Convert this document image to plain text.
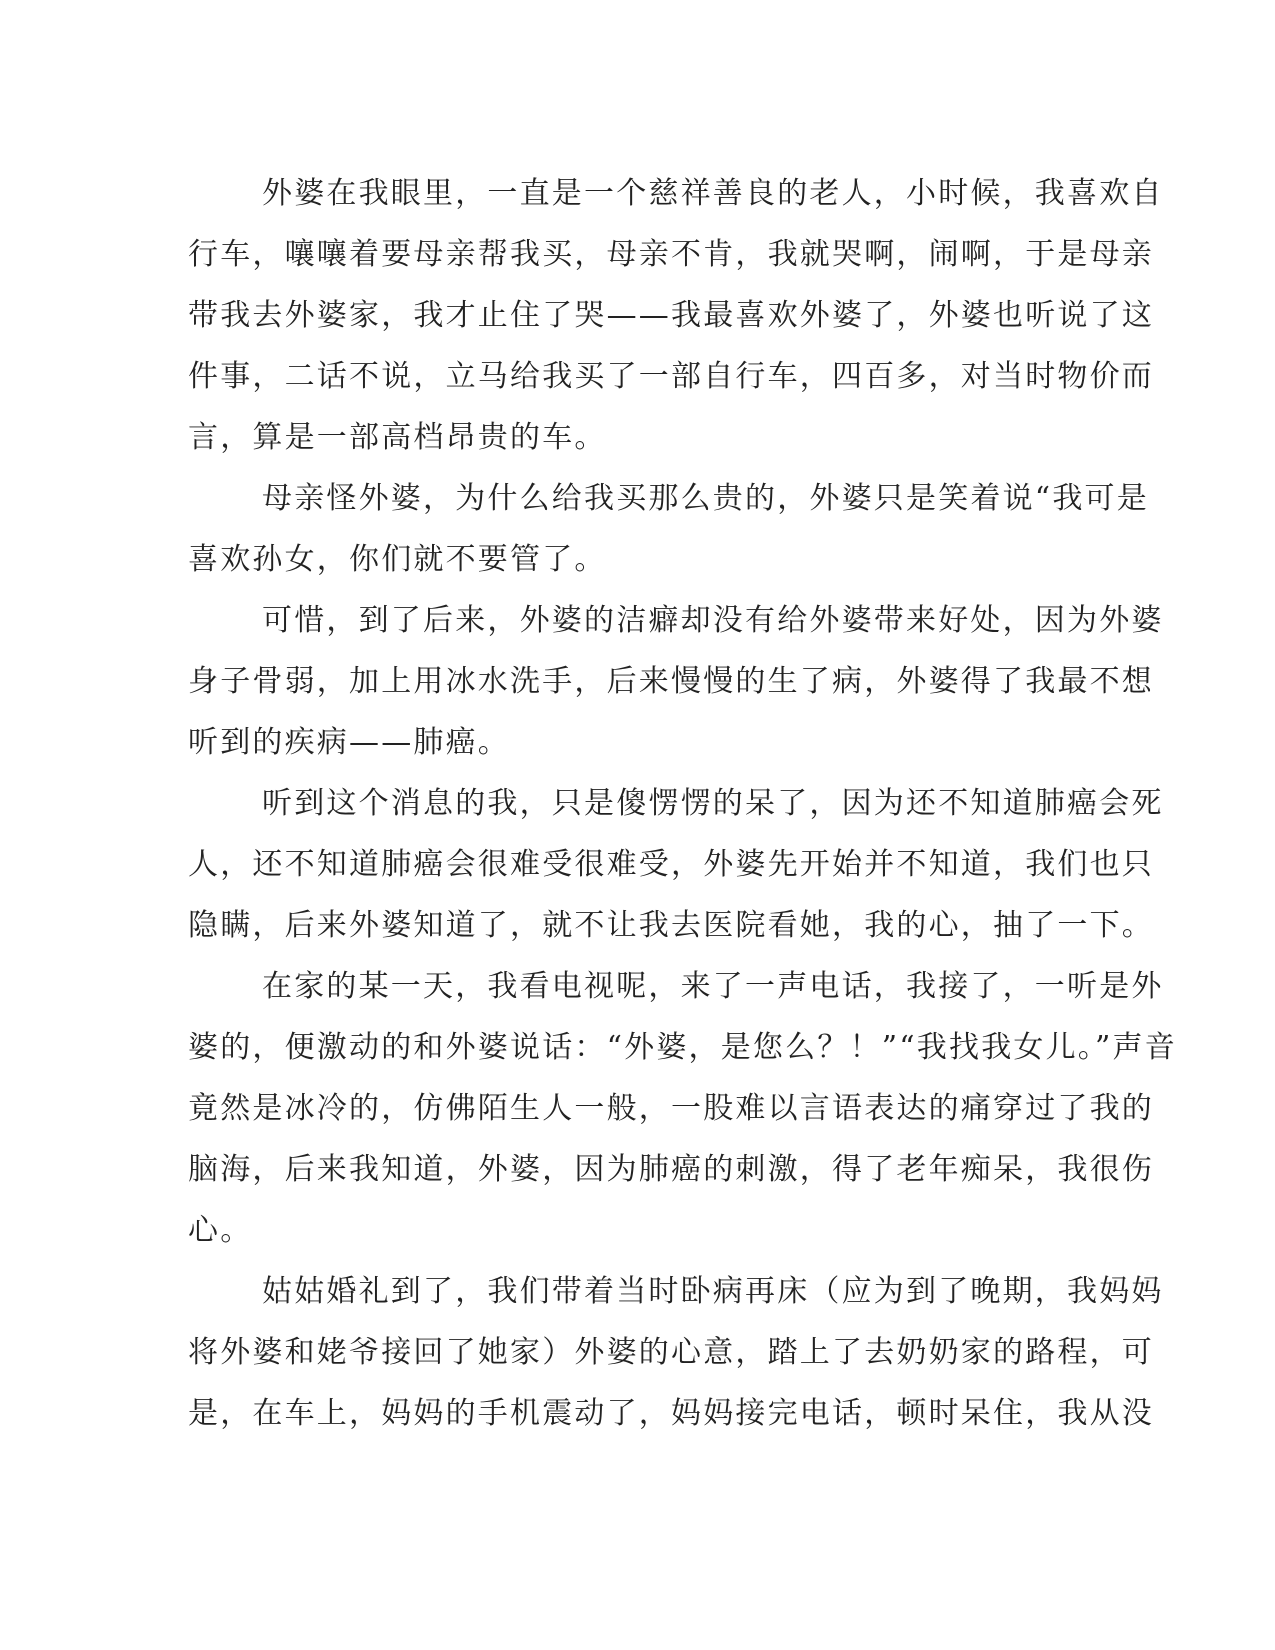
外婆在我眼里，一直是一个慈祥善良的老人，小时候，我喜欢自
行车，嚷嚷着要母亲帮我买，母亲不肯，我就哭啊，闹啊，于是母亲
带我去外婆家，我才止住了哭——我最喜欢外婆了，外婆也听说了这
件事，二话不说，立马给我买了一部自行车，四百多，对当时物价而
言，算是一部高档昂贵的车。
母亲怪外婆，为什么给我买那么贵的，外婆只是笑着说“我可是
喜欢孙女，你们就不要管了。
可惜，到了后来，外婆的洁癖却没有给外婆带来好处，因为外婆
身子骨弱，加上用冰水洗手，后来慢慢的生了病，外婆得了我最不想
听到的疾病——肺癌。
听到这个消息的我，只是傻愣愣的呆了，因为还不知道肺癌会死
人，还不知道肺癌会很难受很难受，外婆先开始并不知道，我们也只
隐瞒，后来外婆知道了，就不让我去医院看她，我的心，抽了一下。
在家的某一天，我看电视呢，来了一声电话，我接了，一听是外
婆的，便激动的和外婆说话：“外婆，是您么？！”“我找我女儿。”声音
竟然是冰冷的，仿佛陌生人一般，一股难以言语表达的痛穿过了我的
脑海，后来我知道，外婆，因为肺癌的刺激，得了老年痴呆，我很伤
心。
姑姑婚礼到了，我们带着当时卧病再床（应为到了晚期，我妈妈
将外婆和姥爷接回了她家）外婆的心意，踏上了去奶奶家的路程，可
是，在车上，妈妈的手机震动了，妈妈接完电话，顿时呆住，我从没
